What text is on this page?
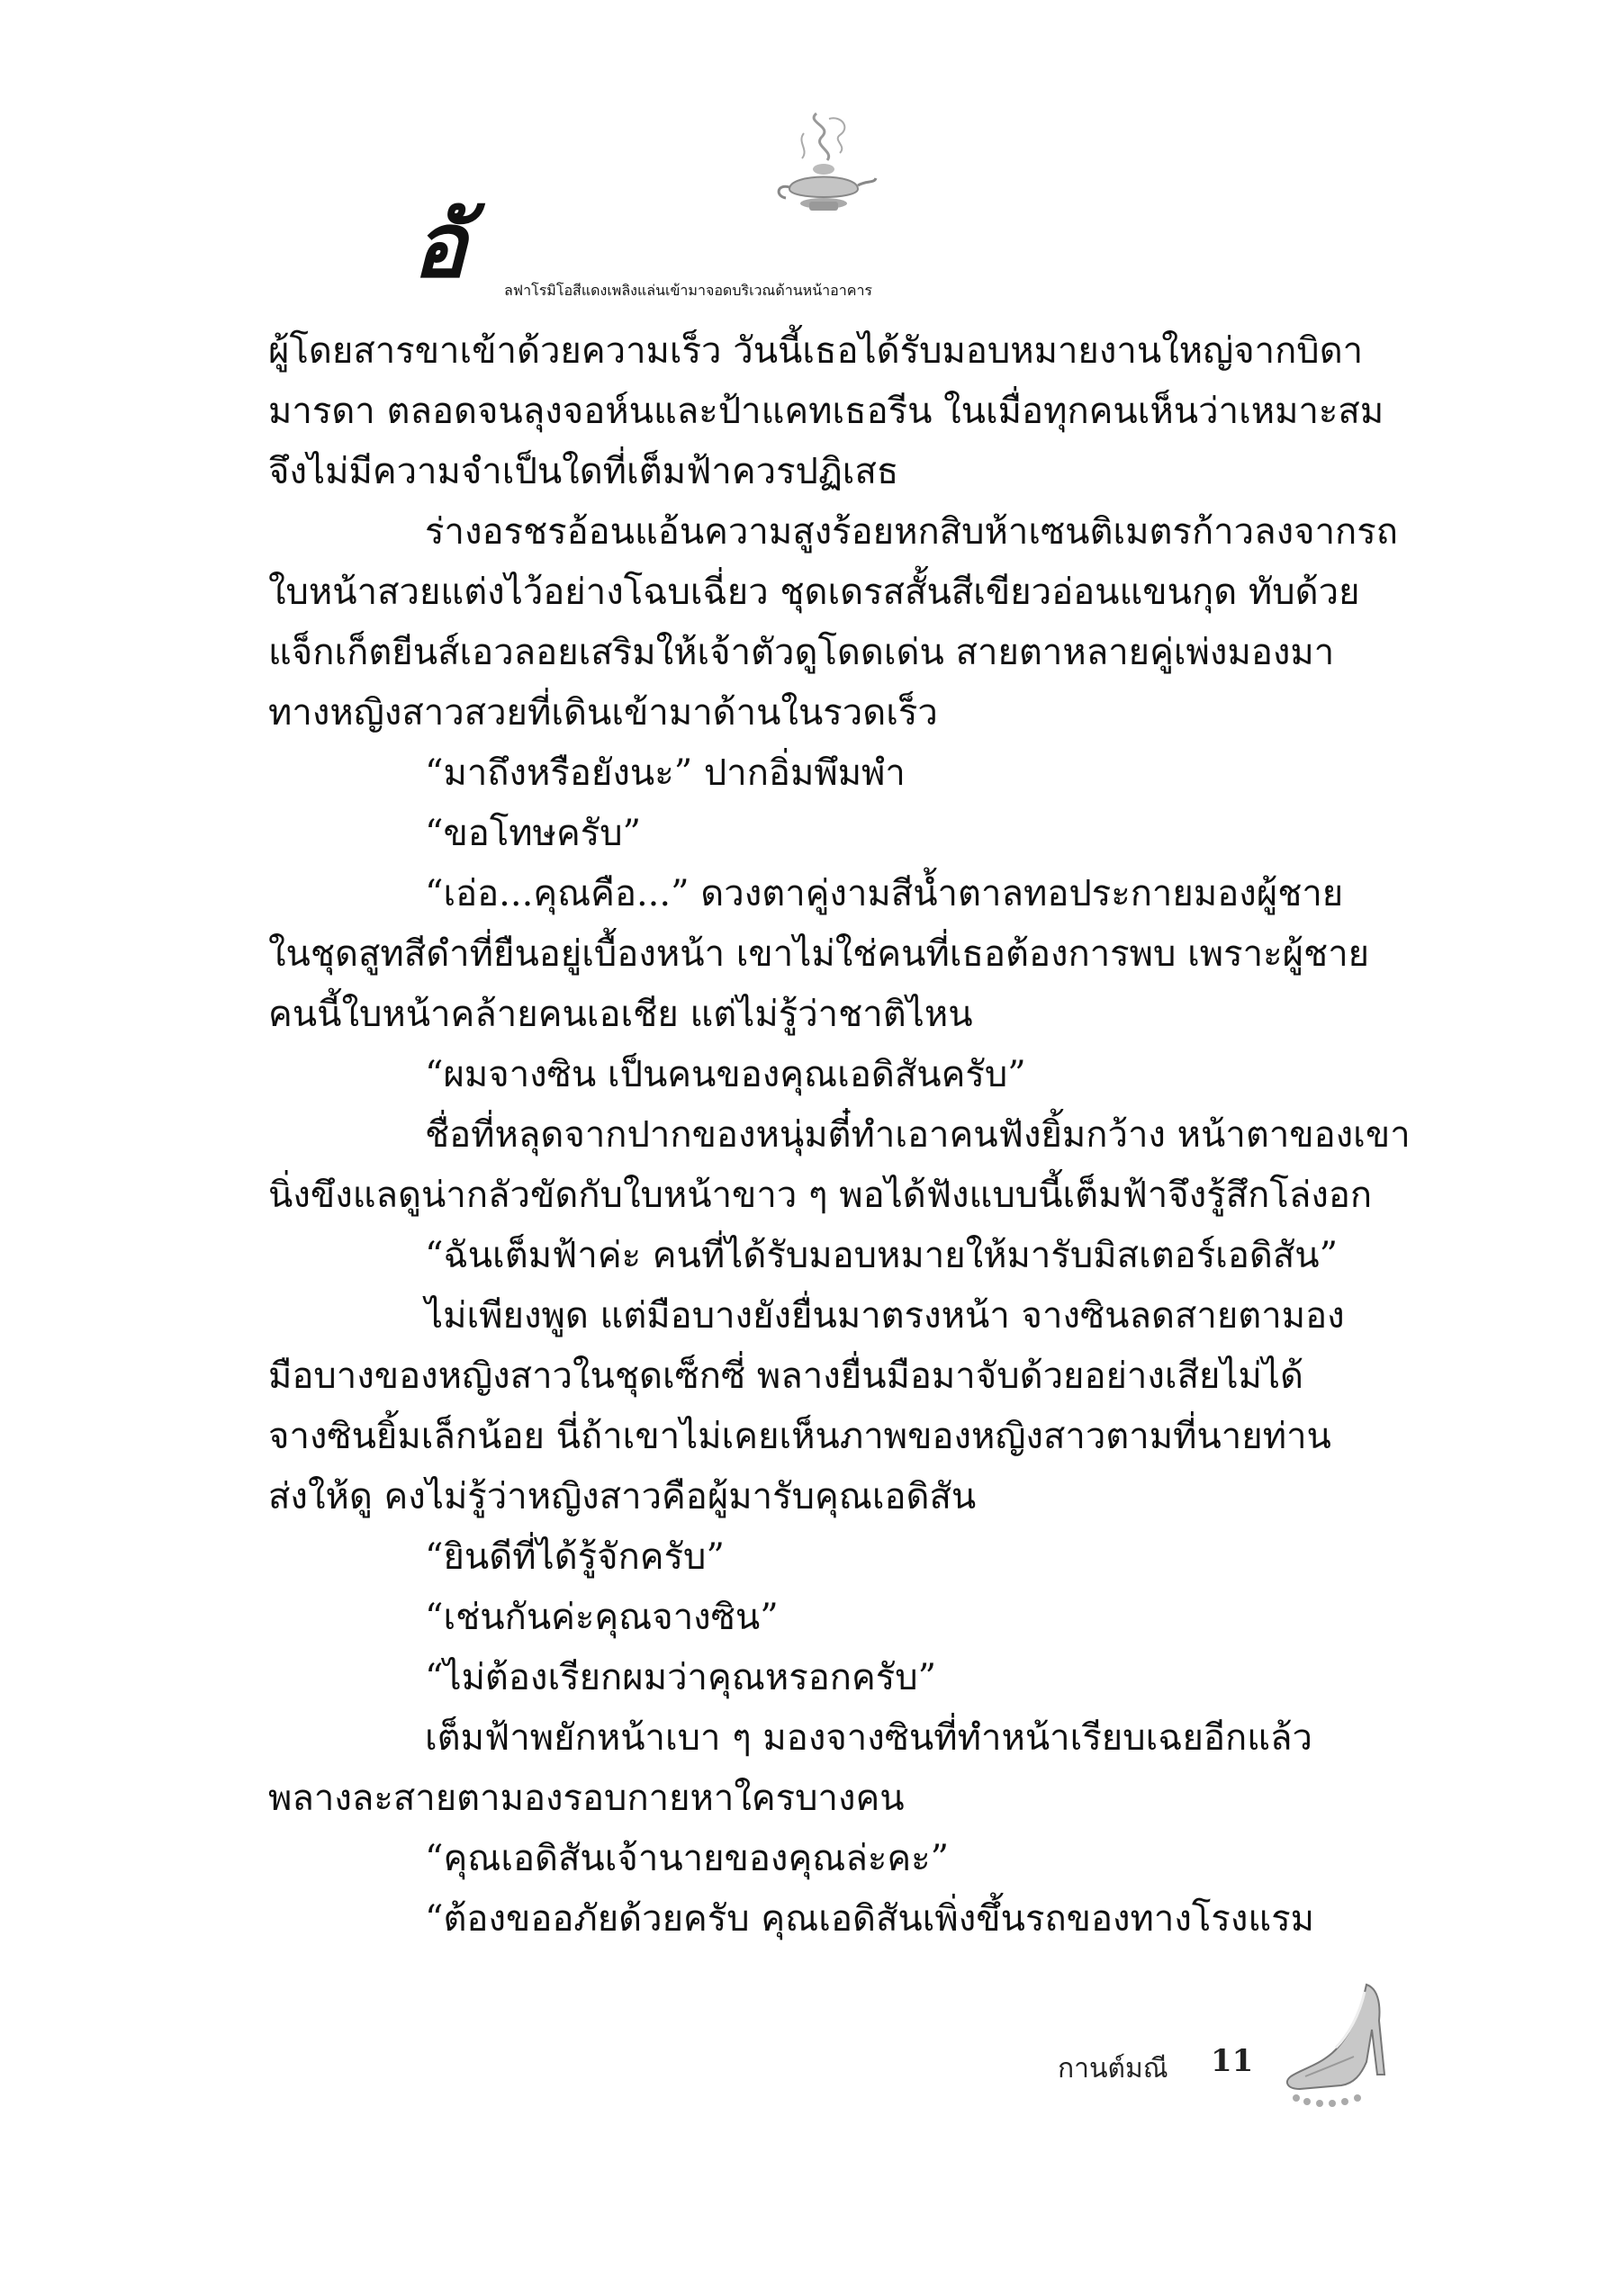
อั	ลฟาโรมิโอสีแดงเพลิงแล่นเข้ามาจอดบริเวณด้านหน้าอาคาร
ผู้โดยสารขาเข้าด้วยความเร็ว วันนี้เธอได้รับมอบหมายงานใหญ่จากบิดา
มารดา ตลอดจนลุงจอห์นและป้าแคทเธอรีน ในเมื่อทุกคนเห็นว่าเหมาะสม
จึงไม่มีความจำเป็นใดที่เต็มฟ้าควรปฏิเสธ
ร่างอรชรอ้อนแอ้นความสูงร้อยหกสิบห้าเซนติเมตรก้าวลงจากรถ
ใบหน้าสวยแต่งไว้อย่างโฉบเฉี่ยว ชุดเดรสสั้นสีเขียวอ่อนแขนกุด ทับด้วย
แจ็กเก็ตยีนส์เอวลอยเสริมให้เจ้าตัวดูโดดเด่น สายตาหลายคู่เพ่งมองมา
ทางหญิงสาวสวยที่เดินเข้ามาด้านในรวดเร็ว
“มาถึงหรือยังนะ” ปากอิ่มพึมพำ
“ขอโทษครับ”
“เอ่อ...คุณคือ...” ดวงตาคู่งามสีน้ำตาลทอประกายมองผู้ชาย
ในชุดสูทสีดำที่ยืนอยู่เบื้องหน้า เขาไม่ใช่คนที่เธอต้องการพบ เพราะผู้ชาย
คนนี้ใบหน้าคล้ายคนเอเชีย แต่ไม่รู้ว่าชาติไหน
“ผมจางซิน เป็นคนของคุณเอดิสันครับ”
ชื่อที่หลุดจากปากของหนุ่มตี๋ทำเอาคนฟังยิ้มกว้าง หน้าตาของเขา
นิ่งขึงแลดูน่ากลัวขัดกับใบหน้าขาว ๆ พอได้ฟังแบบนี้เต็มฟ้าจึงรู้สึกโล่งอก
“ฉันเต็มฟ้าค่ะ คนที่ได้รับมอบหมายให้มารับมิสเตอร์เอดิสัน”
ไม่เพียงพูด แต่มือบางยังยื่นมาตรงหน้า จางซินลดสายตามอง
มือบางของหญิงสาวในชุดเซ็กซี่ พลางยื่นมือมาจับด้วยอย่างเสียไม่ได้
จางซินยิ้มเล็กน้อย นี่ถ้าเขาไม่เคยเห็นภาพของหญิงสาวตามที่นายท่าน
ส่งให้ดู คงไม่รู้ว่าหญิงสาวคือผู้มารับคุณเอดิสัน
“ยินดีที่ได้รู้จักครับ”
“เช่นกันค่ะคุณจางซิน”
“ไม่ต้องเรียกผมว่าคุณหรอกครับ”
เต็มฟ้าพยักหน้าเบา ๆ มองจางซินที่ทำหน้าเรียบเฉยอีกแล้ว
พลางละสายตามองรอบกายหาใครบางคน
“คุณเอดิสันเจ้านายของคุณล่ะคะ”
“ต้องขออภัยด้วยครับ คุณเอดิสันเพิ่งขึ้นรถของทางโรงแรม
กานต์มณี 11
